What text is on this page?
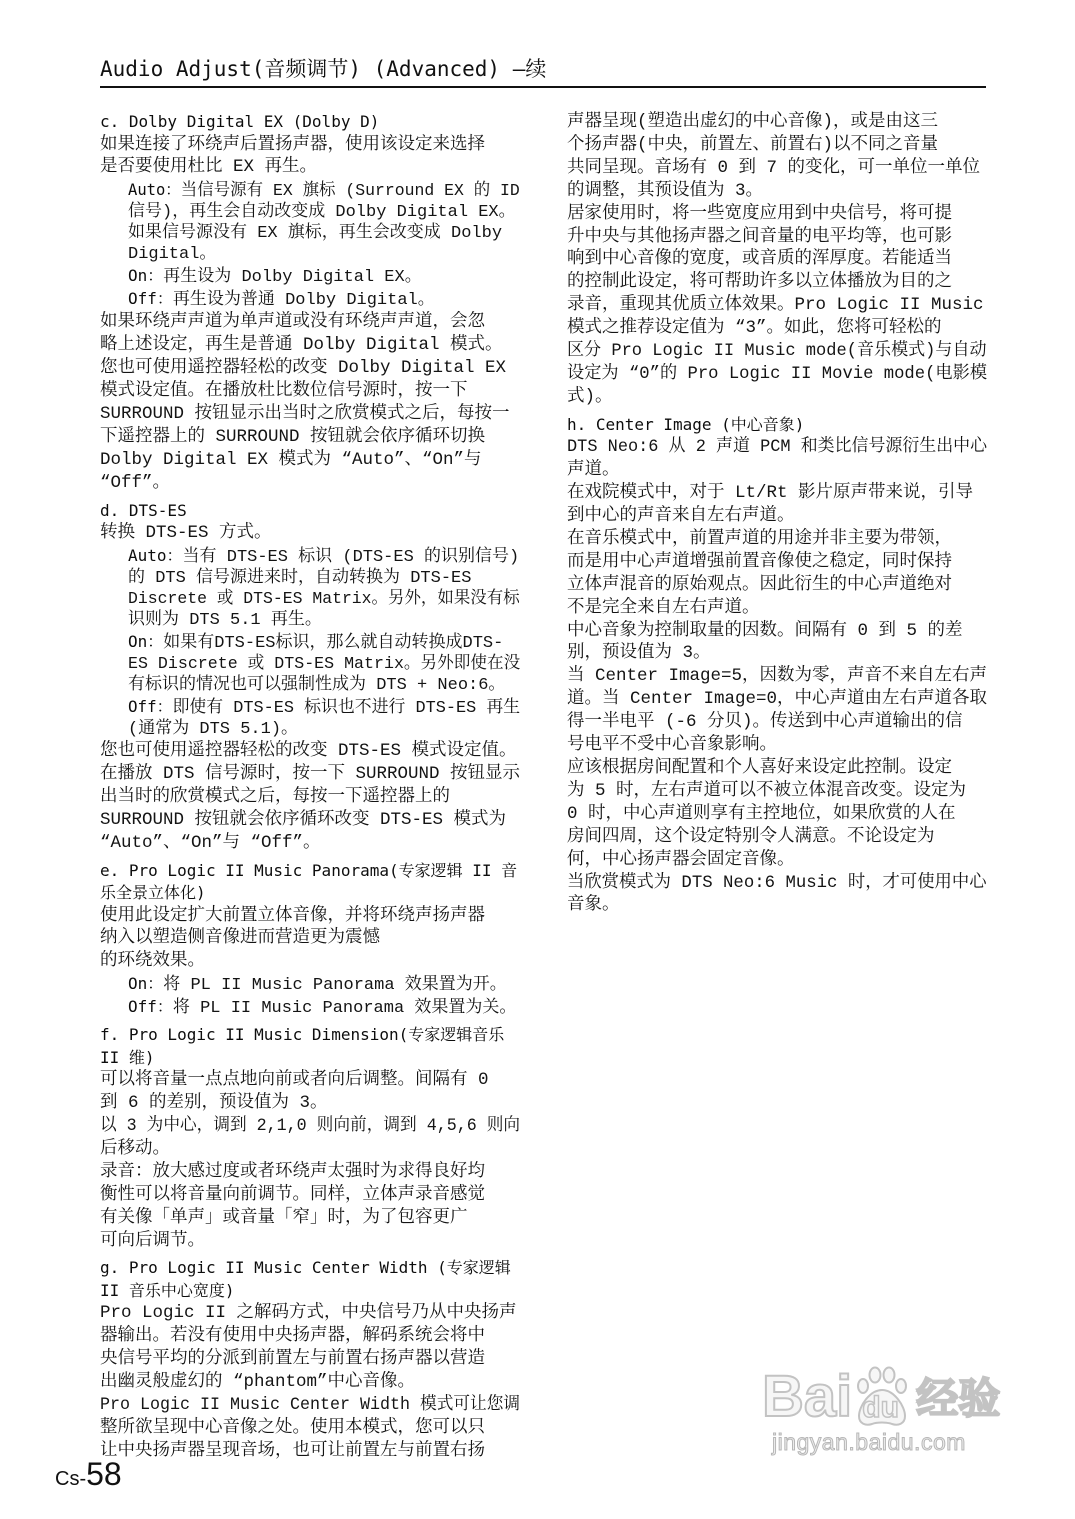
Audio Adjust(音频调节) (Advanced) –续
c. Dolby Digital EX (Dolby D)
如果连接了环绕声后置扬声器，使用该设定来选择
是否要使用杜比 EX 再生。
Auto：当信号源有 EX 旗标 (Surround EX 的 ID
信号)，再生会自动改变成 Dolby Digital EX。
如果信号源没有 EX 旗标，再生会改变成 Dolby
Digital。
On：再生设为 Dolby Digital EX。
Off：再生设为普通 Dolby Digital。
如果环绕声声道为单声道或没有环绕声声道，会忽
略上述设定，再生是普通 Dolby Digital 模式。
您也可使用遥控器轻松的改变 Dolby Digital EX
模式设定值。在播放杜比数位信号源时，按一下
SURROUND 按钮显示出当时之欣赏模式之后，每按一
下遥控器上的 SURROUND 按钮就会依序循环切换
Dolby Digital EX 模式为 “Auto”、“On”与
“Off”。
d. DTS-ES
转换 DTS-ES 方式。
Auto：当有 DTS-ES 标识 (DTS-ES 的识别信号)
的 DTS 信号源进来时，自动转换为 DTS-ES
Discrete 或 DTS-ES Matrix。另外，如果没有标
识则为 DTS 5.1 再生。
On：如果有DTS-ES标识，那么就自动转换成DTS-
ES Discrete 或 DTS-ES Matrix。另外即使在没
有标识的情况也可以强制性成为 DTS + Neo:6。
Off：即使有 DTS-ES 标识也不进行 DTS-ES 再生
(通常为 DTS 5.1)。
您也可使用遥控器轻松的改变 DTS-ES 模式设定值。
在播放 DTS 信号源时，按一下 SURROUND 按钮显示
出当时的欣赏模式之后，每按一下遥控器上的
SURROUND 按钮就会依序循环改变 DTS-ES 模式为
“Auto”、“On”与 “Off”。
e. Pro Logic II Music Panorama(专家逻辑 II 音
乐全景立体化)
使用此设定扩大前置立体音像，并将环绕声扬声器
纳入以塑造侧音像进而营造更为震憾
的环绕效果。
On：将 PL II Music Panorama 效果置为开。
Off：将 PL II Music Panorama 效果置为关。
f. Pro Logic II Music Dimension(专家逻辑音乐
II 维)
可以将音量一点点地向前或者向后调整。间隔有 0
到 6 的差别，预设值为 3。
以 3 为中心，调到 2,1,0 则向前，调到 4,5,6 则向
后移动。
录音：放大感过度或者环绕声太强时为求得良好均
衡性可以将音量向前调节。同样，立体声录音感觉
有关像「单声」或音量「窄」时，为了包容更广
可向后调节。
g. Pro Logic II Music Center Width (专家逻辑
II 音乐中心宽度)
Pro Logic II 之解码方式，中央信号乃从中央扬声
器输出。若没有使用中央扬声器，解码系统会将中
央信号平均的分派到前置左与前置右扬声器以营造
出幽灵般虚幻的 “phantom”中心音像。
Pro Logic II Music Center Width 模式可让您调
整所欲呈现中心音像之处。使用本模式，您可以只
让中央扬声器呈现音场，也可让前置左与前置右扬
声器呈现(塑造出虚幻的中心音像)，或是由这三
个扬声器(中央，前置左、前置右)以不同之音量
共同呈现。音场有 0 到 7 的变化，可一单位一单位
的调整，其预设值为 3。
居家使用时，将一些宽度应用到中央信号，将可提
升中央与其他扬声器之间音量的电平均等，也可影
响到中心音像的宽度，或音质的浑厚度。若能适当
的控制此设定，将可帮助许多以立体播放为目的之
录音，重现其优质立体效果。Pro Logic II Music
模式之推荐设定值为 “3”。如此，您将可轻松的
区分 Pro Logic II Music mode(音乐模式)与自动
设定为 “0”的 Pro Logic II Movie mode(电影模
式)。
h. Center Image (中心音象)
DTS Neo:6 从 2 声道 PCM 和类比信号源衍生出中心
声道。
在戏院模式中，对于 Lt/Rt 影片原声带来说，引导
到中心的声音来自左右声道。
在音乐模式中，前置声道的用途并非主要为带领，
而是用中心声道增强前置音像使之稳定，同时保持
立体声混音的原始观点。因此衍生的中心声道绝对
不是完全来自左右声道。
中心音象为控制取量的因数。间隔有 0 到 5 的差
别，预设值为 3。
当 Center Image=5，因数为零，声音不来自左右声
道。当 Center Image=0，中心声道由左右声道各取
得一半电平 (-6 分贝)。传送到中心声道输出的信
号电平不受中心音象影响。
应该根据房间配置和个人喜好来设定此控制。设定
为 5 时，左右声道可以不被立体混音改变。设定为
0 时，中心声道则享有主控地位，如果欣赏的人在
房间四周，这个设定特别令人满意。不论设定为
何，中心扬声器会固定音像。
当欣赏模式为 DTS Neo:6 Music 时，才可使用中心
音象。
Cs-58
Bai du 经验
jingyan.baidu.com
